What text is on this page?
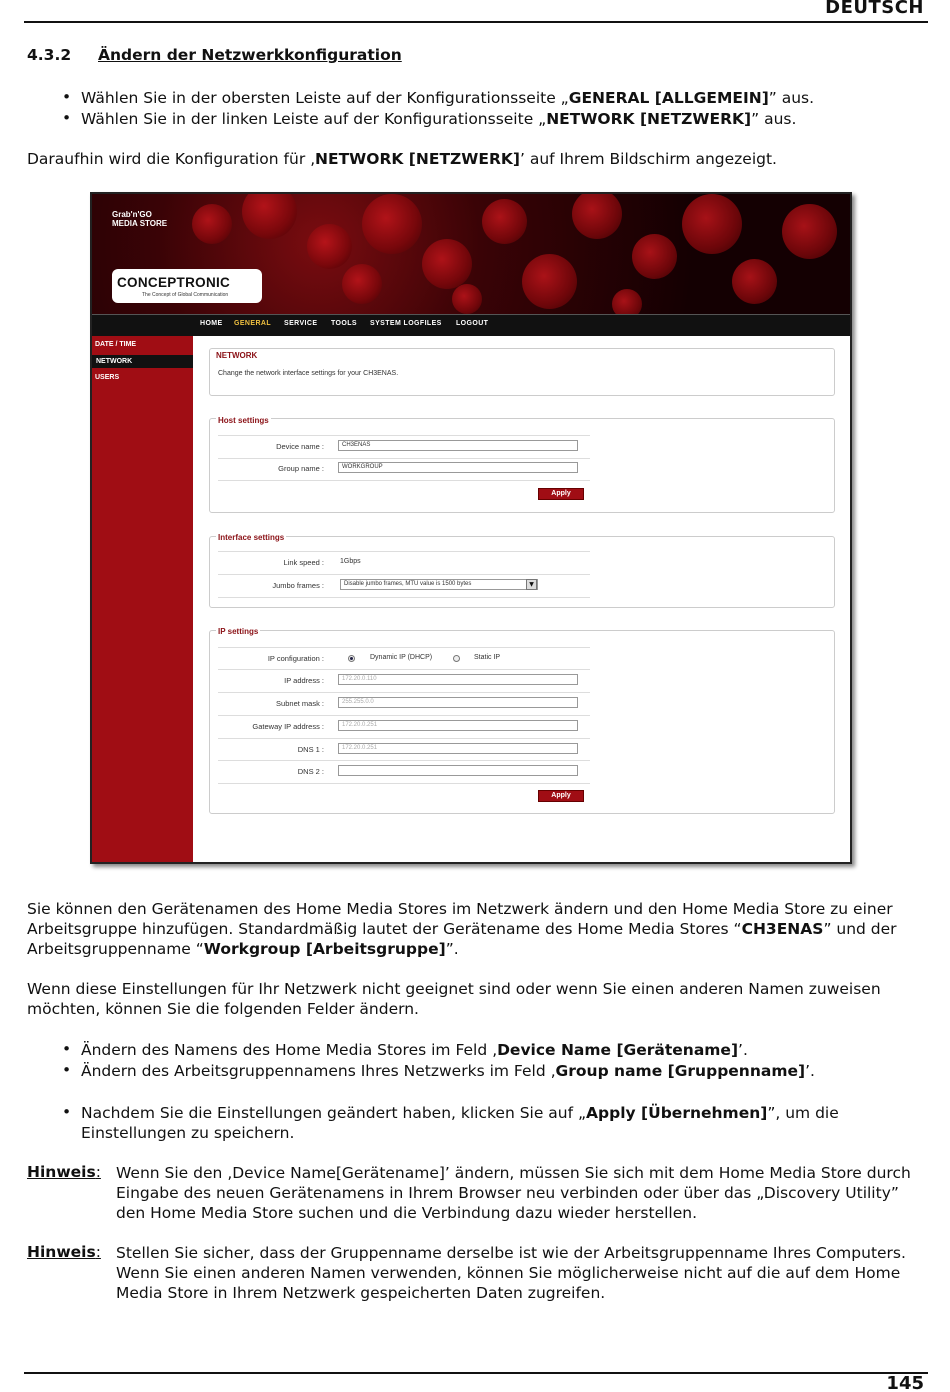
DEUTSCH
4.3.2 Ändern der Netzwerkkonfiguration
• Wählen Sie in der obersten Leiste auf der Konfigurationsseite „GENERAL [ALLGEMEIN]” aus.
• Wählen Sie in der linken Leiste auf der Konfigurationsseite „NETWORK [NETZWERK]” aus.
Daraufhin wird die Konfiguration für ‚NETWORK [NETZWERK]’ auf Ihrem Bildschirm angezeigt.
Grab'n'GO
MEDIA STORE
CONCEPTRONIC
The Concept of Global Communication
HOME GENERAL SERVICE TOOLS SYSTEM LOGFILES LOGOUT
DATE / TIME
NETWORK
USERS
NETWORK
Change the network interface settings for your CH3ENAS.
Host settings
Device name :	CH3ENAS
Group name :	WORKGROUP
Apply
Interface settings
Link speed : 1Gbps
Jumbo frames :	Disable jumbo frames, MTU value is 1500 bytes	▼
IP settings
IP configuration :	Dynamic IP (DHCP)	Static IP
IP address :	172.20.0.110
Subnet mask :	255.255.0.0
Gateway IP address :	172.20.0.251
DNS 1 :	172.20.0.251
DNS 2 :
Apply
Sie können den Gerätenamen des Home Media Stores im Netzwerk ändern und den Home Media Store zu einer
Arbeitsgruppe hinzufügen. Standardmäßig lautet der Gerätename des Home Media Stores “CH3ENAS” und der
Arbeitsgruppenname “Workgroup [Arbeitsgruppe]”.
Wenn diese Einstellungen für Ihr Netzwerk nicht geeignet sind oder wenn Sie einen anderen Namen zuweisen
möchten, können Sie die folgenden Felder ändern.
• Ändern des Namens des Home Media Stores im Feld ‚Device Name [Gerätename]’.
• Ändern des Arbeitsgruppennamens Ihres Netzwerks im Feld ‚Group name [Gruppenname]’.
• Nachdem Sie die Einstellungen geändert haben, klicken Sie auf „Apply [Übernehmen]”, um die
Einstellungen zu speichern.
Hinweis: Wenn Sie den ‚Device Name[Gerätename]’ ändern, müssen Sie sich mit dem Home Media Store durch
Eingabe des neuen Gerätenamens in Ihrem Browser neu verbinden oder über das „Discovery Utility”
den Home Media Store suchen und die Verbindung dazu wieder herstellen.
Hinweis: Stellen Sie sicher, dass der Gruppenname derselbe ist wie der Arbeitsgruppenname Ihres Computers.
Wenn Sie einen anderen Namen verwenden, können Sie möglicherweise nicht auf die auf dem Home
Media Store in Ihrem Netzwerk gespeicherten Daten zugreifen.
145
